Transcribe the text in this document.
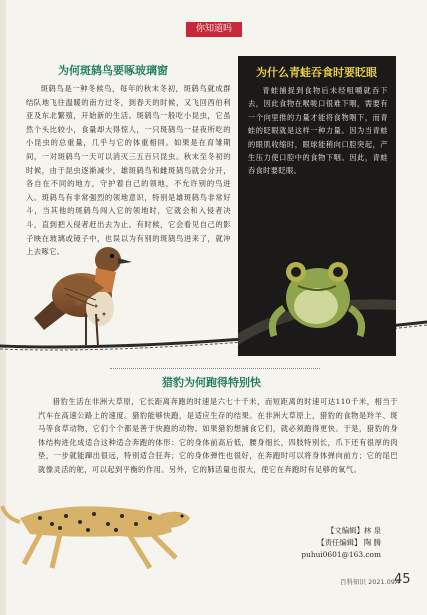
你知道吗
为何斑鸫鸟要啄玻璃窗

斑鸫鸟是一种冬候鸟，每年的秋末冬初，斑鸫鸟就成群结队地飞往温暖的南方过冬，到春天的时候，又飞回西伯利亚及东北繁殖，开始新的生活。斑鸫鸟一般吃小昆虫，它虽然个头比较小，食量却大得惊人，一只斑鸫鸟一昼夜所吃的小昆虫的总重量，几乎与它的体重相同。如果是在育雏期间，一对斑鸫鸟一天可以消灭三五百只昆虫。秋末至冬初的时候，由于昆虫逐渐减少，雄斑鸫鸟和雌斑鸫鸟就会分开，各自在不同的地方，守护着自己的领地，不允许别的鸟进入。斑鸫鸟有非常强烈的领地意识，特别是雄斑鸫鸟非常好斗，当其他的斑鸫鸟闯入它的领地时，它就会和入侵者决斗，直到把入侵者赶出去为止。有时候，它会看见自己的影子映在玻璃或镜子中，也误以为有别的斑鸫鸟进来了，就冲上去啄它。

为什么青蛙吞食时要眨眼

青蛙捕捉到食物后未经咀嚼就吞下去，因此食物在喉咙口很难下咽，需要有一个向里推的力量才能将食物咽下，而青蛙的眨眼就是这样一种力量。因为当青蛙的眼肌收缩时，眼球能稍向口腔突起，产生压力使口腔中的食物下咽。因此，青蛙吞食时要眨眼。

猎豹为何跑得特别快

猎豹生活在非洲大草原，它长距离奔跑的时速是六七十千米，而短距离的时速可达110千米，相当于汽车在高速公路上的速度。猎豹能够快跑，是适应生存的结果。在非洲大草原上，猎豹的食物是羚羊、斑马等食草动物，它们个个都是善于快跑的动物。如果猎豹想捕食它们，就必须跑得更快。于是，猎豹的身体结构进化成适合这种适合奔跑的体形：它的身体前高后低，腰身细长，四肢特别长，爪下还有很厚的肉垫，一步就能蹿出很远，特别适合狂奔；它的身体弹性也很好，在奔跑时可以将身体弹向前方；它的尾巴就像灵活的舵，可以起到平衡的作用。另外，它的肺活量也很大，使它在奔跑时有足够的氧气。

【文编辑】林 泉
【责任编辑】 陶 腾
puhui0601@163.com
百科知识 2021.09A
45
